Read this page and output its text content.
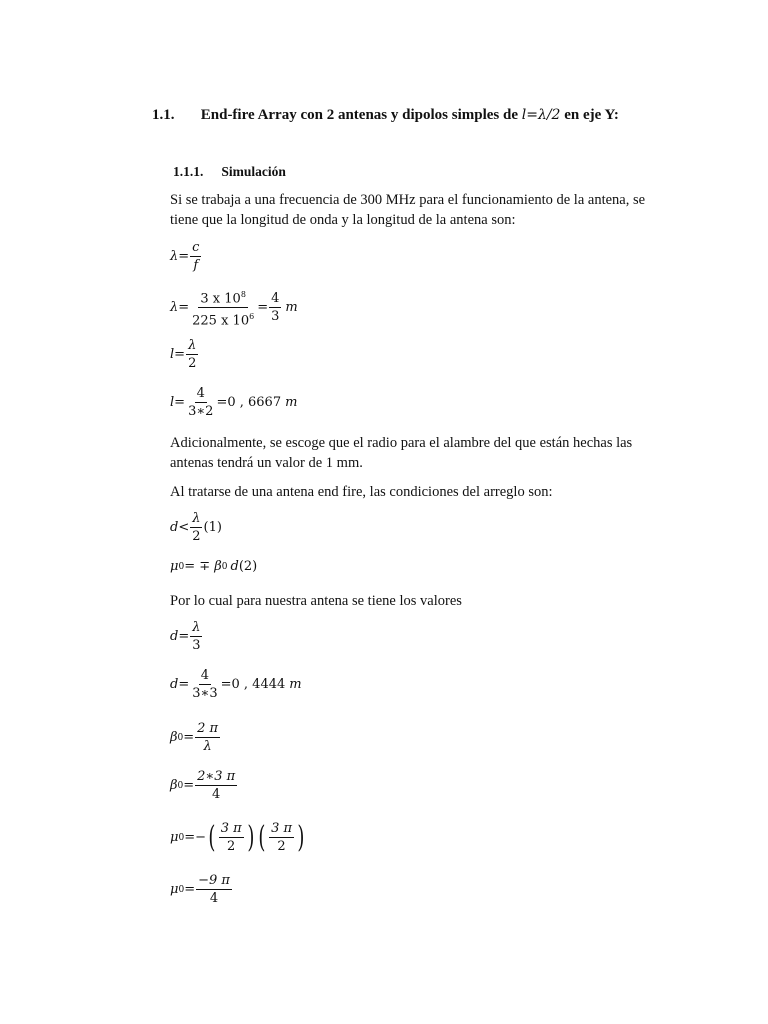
1.1. End-fire Array con 2 antenas y dipolos simples de l=λ/2 en eje Y:
1.1.1. Simulación
Si se trabaja a una frecuencia de 300 MHz para el funcionamiento de la antena, se tiene que la longitud de onda y la longitud de la antena son:
$\lambda= \frac{c}{f}$
$\lambda= \frac{3 x 10^8}{225 x 10^6} = \frac{4}{3}$ m
$l= \frac{\lambda}{2}$
$l= \frac{4}{3∗2} =0$ , 6667 m
Adicionalmente, se escoge que el radio para el alambre del que están hechas las antenas tendrá un valor de 1 mm.
Al tratarse de una antena end fire, las condiciones del arreglo son:
$d< \frac{\lambda}{2} (1)$
μ 0 = ∓ β 0 d (2)
Por lo cual para nuestra antena se tiene los valores
$d= \frac{\lambda}{3}$
$d= \frac{4}{3∗3} =0$ , 4444 m
β $0 = \frac{2 \pi}{\lambda}$
β $0 = \frac{2∗3 \pi}{4}$
μ 0 =− ( $\frac{3 \pi}{2}$ ) ( $\frac{3 \pi}{2}$ )
μ $0 = \frac{-9 \pi}{4}$
